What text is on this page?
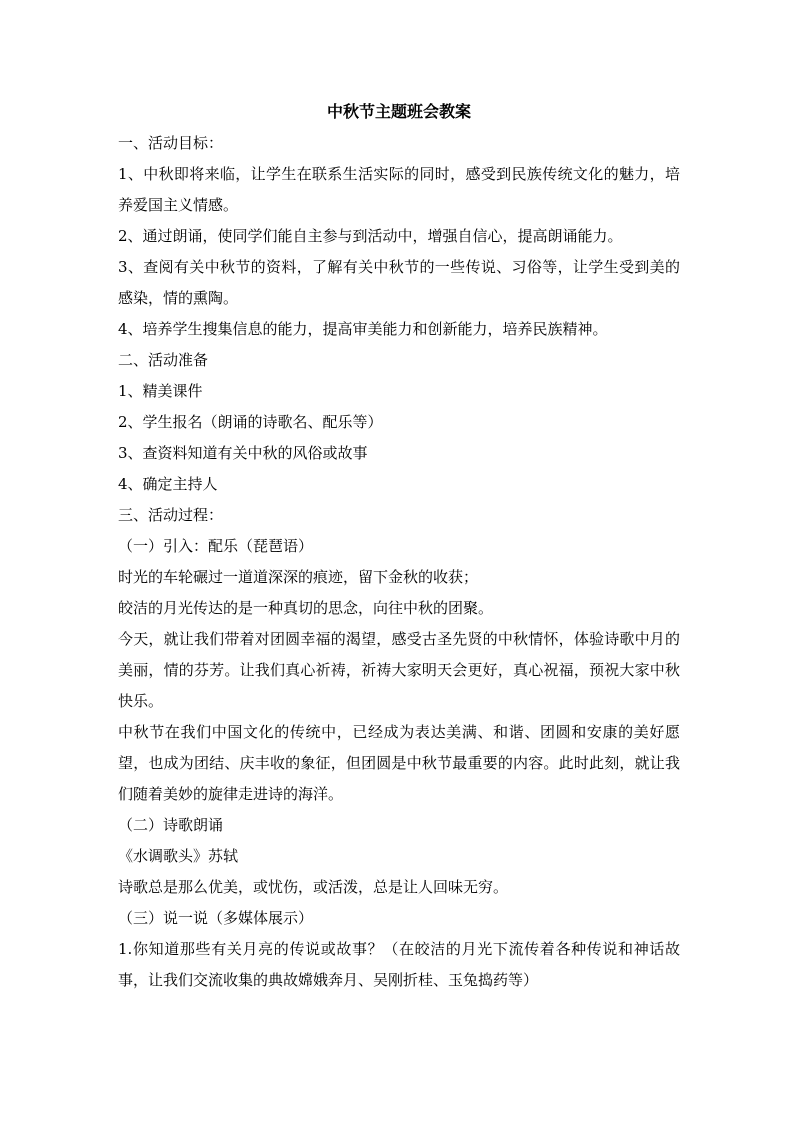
中秋节主题班会教案

一、活动目标：

1、中秋即将来临，让学生在联系生活实际的同时，感受到民族传统文化的魅力，培养爱国主义情感。

2、通过朗诵，使同学们能自主参与到活动中，增强自信心，提高朗诵能力。

3、查阅有关中秋节的资料，了解有关中秋节的一些传说、习俗等，让学生受到美的感染，情的熏陶。

4、培养学生搜集信息的能力，提高审美能力和创新能力，培养民族精神。

二、活动准备

1、精美课件

2、学生报名（朗诵的诗歌名、配乐等）

3、查资料知道有关中秋的风俗或故事

4、确定主持人

三、活动过程：

（一）引入：配乐（琵琶语）

时光的车轮碾过一道道深深的痕迹，留下金秋的收获；

皎洁的月光传达的是一种真切的思念，向往中秋的团聚。

今天，就让我们带着对团圆幸福的渴望，感受古圣先贤的中秋情怀，体验诗歌中月的美丽，情的芬芳。让我们真心祈祷，祈祷大家明天会更好，真心祝福，预祝大家中秋快乐。

中秋节在我们中国文化的传统中，已经成为表达美满、和谐、团圆和安康的美好愿望，也成为团结、庆丰收的象征，但团圆是中秋节最重要的内容。此时此刻，就让我们随着美妙的旋律走进诗的海洋。

（二）诗歌朗诵

《水调歌头》苏轼

诗歌总是那么优美，或忧伤，或活泼，总是让人回味无穷。

（三）说一说（多媒体展示）

1.你知道那些有关月亮的传说或故事？（在皎洁的月光下流传着各种传说和神话故事，让我们交流收集的典故嫦娥奔月、吴刚折桂、玉兔捣药等）
